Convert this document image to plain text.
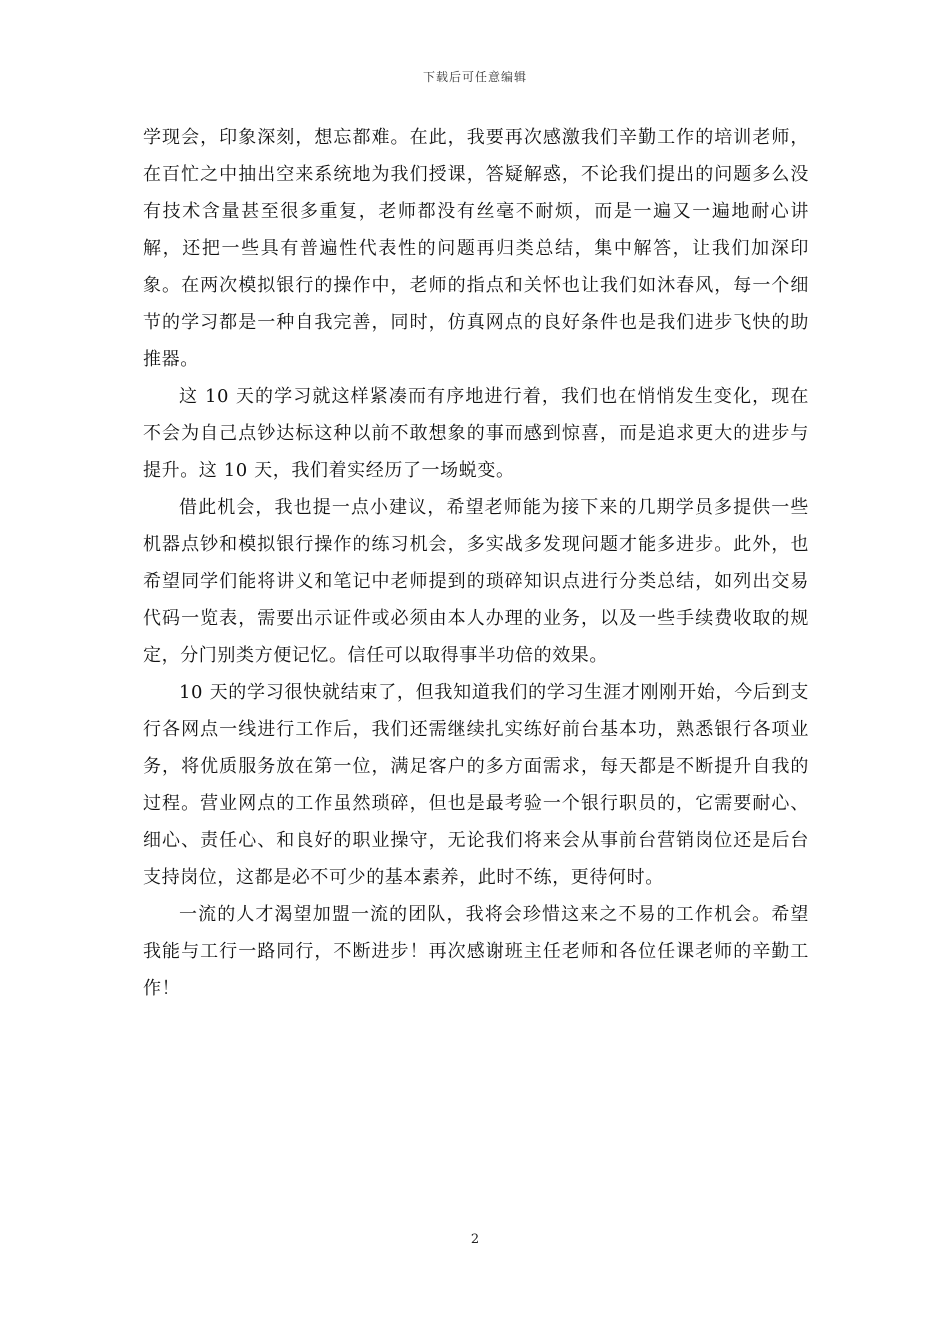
下载后可任意编辑

学现会，印象深刻，想忘都难。在此，我要再次感激我们辛勤工作的培训老师，在百忙之中抽出空来系统地为我们授课，答疑解惑，不论我们提出的问题多么没有技术含量甚至很多重复，老师都没有丝毫不耐烦，而是一遍又一遍地耐心讲解，还把一些具有普遍性代表性的问题再归类总结，集中解答，让我们加深印象。在两次模拟银行的操作中，老师的指点和关怀也让我们如沐春风，每一个细节的学习都是一种自我完善，同时，仿真网点的良好条件也是我们进步飞快的助推器。

这 10 天的学习就这样紧凑而有序地进行着，我们也在悄悄发生变化，现在不会为自己点钞达标这种以前不敢想象的事而感到惊喜，而是追求更大的进步与提升。这 10 天，我们着实经历了一场蜕变。

借此机会，我也提一点小建议，希望老师能为接下来的几期学员多提供一些机器点钞和模拟银行操作的练习机会，多实战多发现问题才能多进步。此外，也希望同学们能将讲义和笔记中老师提到的琐碎知识点进行分类总结，如列出交易代码一览表，需要出示证件或必须由本人办理的业务，以及一些手续费收取的规定，分门别类方便记忆。信任可以取得事半功倍的效果。

10 天的学习很快就结束了，但我知道我们的学习生涯才刚刚开始，今后到支行各网点一线进行工作后，我们还需继续扎实练好前台基本功，熟悉银行各项业务，将优质服务放在第一位，满足客户的多方面需求，每天都是不断提升自我的过程。营业网点的工作虽然琐碎，但也是最考验一个银行职员的，它需要耐心、细心、责任心、和良好的职业操守，无论我们将来会从事前台营销岗位还是后台支持岗位，这都是必不可少的基本素养，此时不练，更待何时。

一流的人才渴望加盟一流的团队，我将会珍惜这来之不易的工作机会。希望我能与工行一路同行，不断进步！再次感谢班主任老师和各位任课老师的辛勤工作！

2
